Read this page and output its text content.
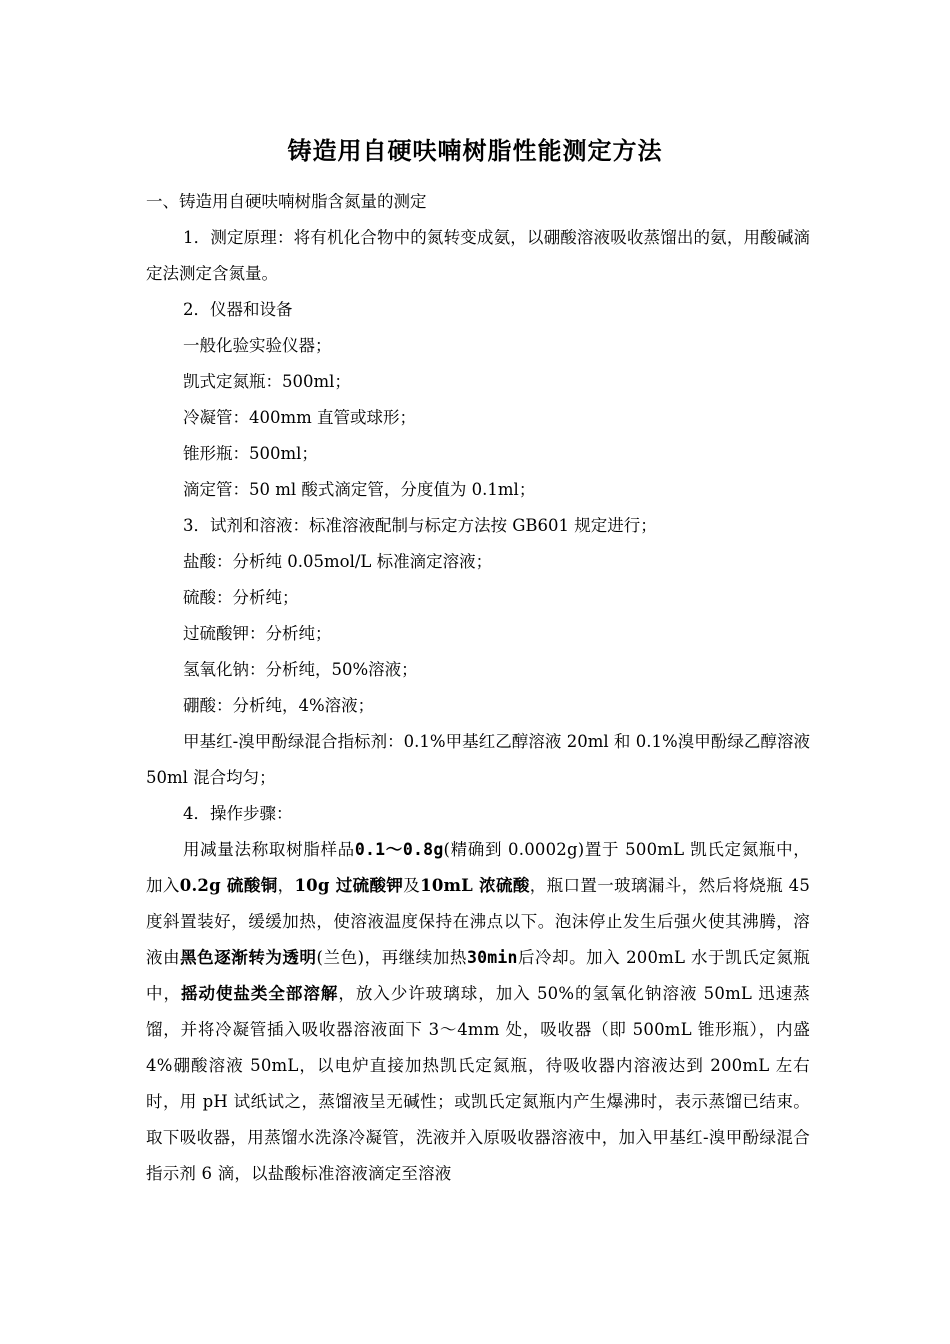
铸造用自硬呋喃树脂性能测定方法

一、铸造用自硬呋喃树脂含氮量的测定

1．测定原理：将有机化合物中的氮转变成氨，以硼酸溶液吸收蒸馏出的氨，用酸碱滴定法测定含氮量。

2．仪器和设备

一般化验实验仪器；

凯式定氮瓶：500ml；

冷凝管：400mm 直管或球形；

锥形瓶：500ml；

滴定管：50 ml 酸式滴定管，分度值为 0.1ml；

3．试剂和溶液：标准溶液配制与标定方法按 GB601 规定进行；

盐酸：分析纯 0.05mol/L 标准滴定溶液；

硫酸：分析纯；

过硫酸钾：分析纯；

氢氧化钠：分析纯，50%溶液；

硼酸：分析纯，4%溶液；

甲基红-溴甲酚绿混合指标剂：0.1%甲基红乙醇溶液 20ml 和 0.1%溴甲酚绿乙醇溶液 50ml 混合均匀；

4．操作步骤：

用减量法称取树脂样品0.1～0.8g(精确到 0.0002g)置于 500mL 凯氏定氮瓶中，加入0.2g 硫酸铜，10g 过硫酸钾及10mL 浓硫酸，瓶口置一玻璃漏斗，然后将烧瓶 45 度斜置装好，缓缓加热，使溶液温度保持在沸点以下。泡沫停止发生后强火使其沸腾，溶液由黑色逐渐转为透明(兰色)，再继续加热30min后冷却。加入 200mL 水于凯氏定氮瓶中，摇动使盐类全部溶解，放入少许玻璃球，加入 50%的氢氧化钠溶液 50mL 迅速蒸馏，并将冷凝管插入吸收器溶液面下 3～4mm 处，吸收器（即 500mL 锥形瓶），内盛 4%硼酸溶液 50mL，以电炉直接加热凯氏定氮瓶，待吸收器内溶液达到 200mL 左右时，用 pH 试纸试之，蒸馏液呈无碱性；或凯氏定氮瓶内产生爆沸时，表示蒸馏已结束。取下吸收器，用蒸馏水洗涤冷凝管，洗液并入原吸收器溶液中，加入甲基红-溴甲酚绿混合指示剂 6 滴，以盐酸标准溶液滴定至溶液
